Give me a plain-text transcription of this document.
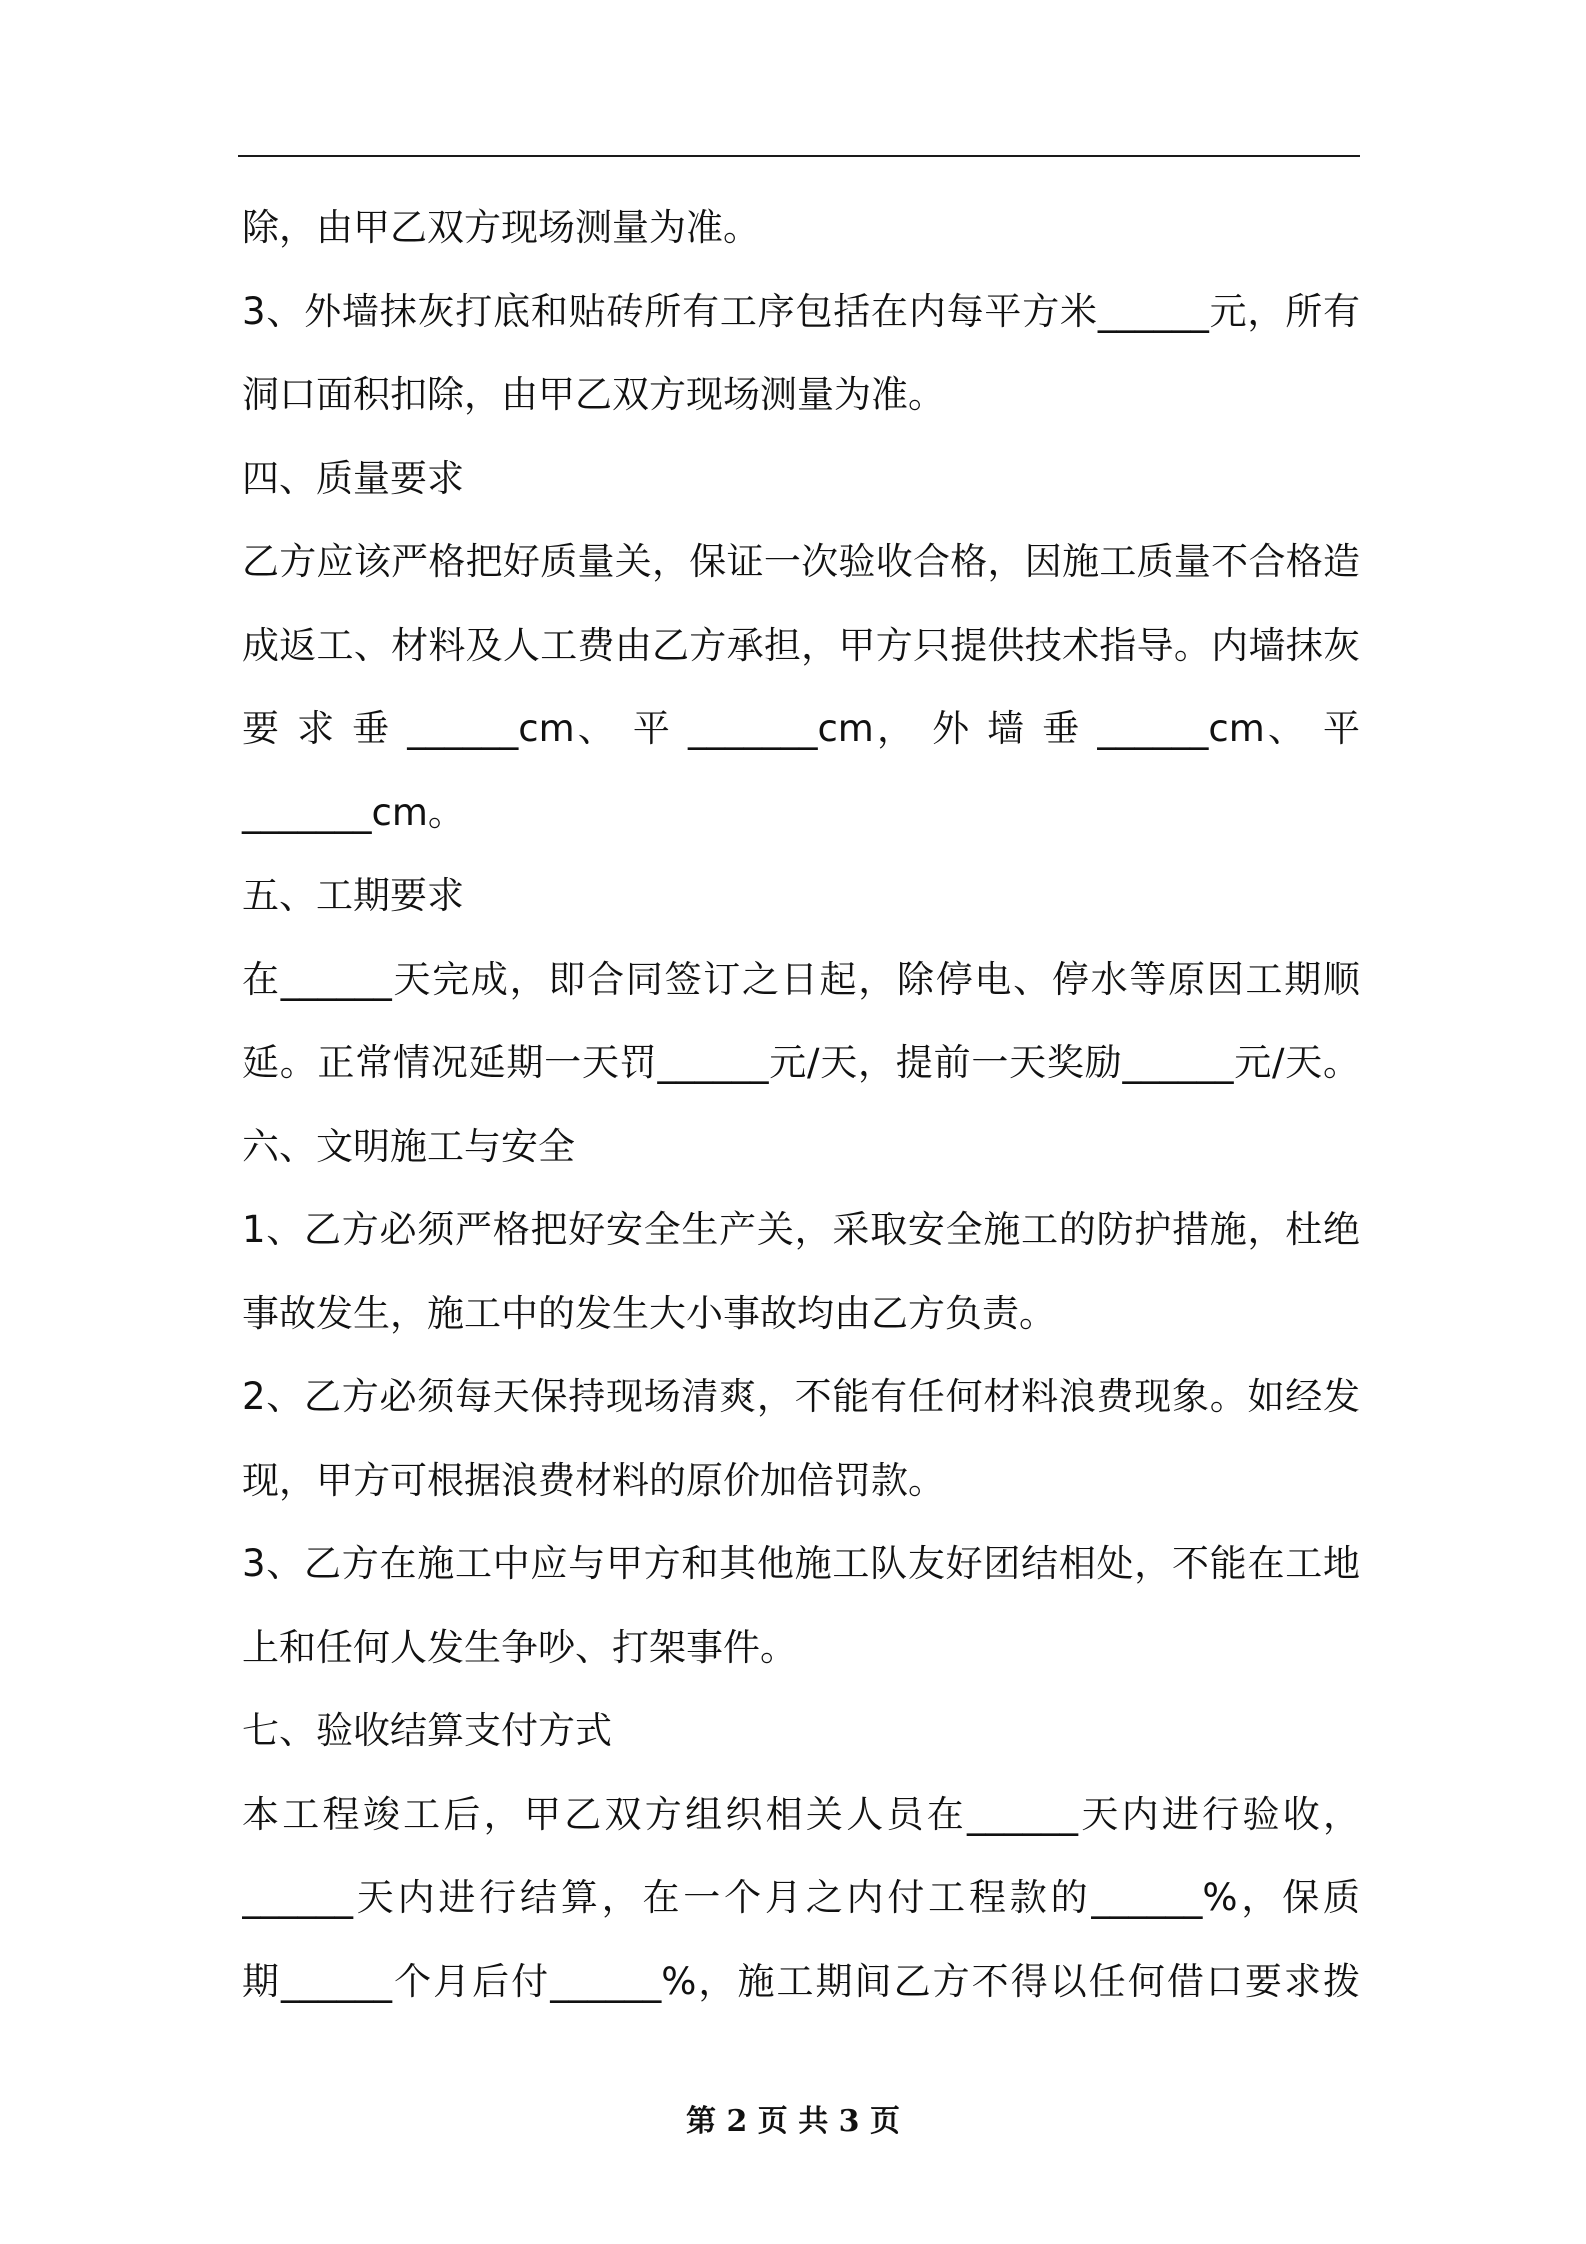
除，由甲乙双方现场测量为准。
3、外墙抹灰打底和贴砖所有工序包括在内每平方米______元，所有
洞口面积扣除，由甲乙双方现场测量为准。
四、质量要求
乙方应该严格把好质量关，保证一次验收合格，因施工质量不合格造
成返工、材料及人工费由乙方承担，甲方只提供技术指导。内墙抹灰
要 求 垂 ______cm、 平 _______cm， 外 墙 垂 ______cm、 平
_______cm。
五、工期要求
在______天完成，即合同签订之日起，除停电、停水等原因工期顺
延。正常情况延期一天罚______元/天，提前一天奖励______元/天。
六、文明施工与安全
1、乙方必须严格把好安全生产关，采取安全施工的防护措施，杜绝
事故发生，施工中的发生大小事故均由乙方负责。
2、乙方必须每天保持现场清爽，不能有任何材料浪费现象。如经发
现，甲方可根据浪费材料的原价加倍罚款。
3、乙方在施工中应与甲方和其他施工队友好团结相处，不能在工地
上和任何人发生争吵、打架事件。
七、验收结算支付方式
本工程竣工后，甲乙双方组织相关人员在______天内进行验收，
______天内进行结算，在一个月之内付工程款的______%，保质
期______个月后付______%，施工期间乙方不得以任何借口要求拨
第 2 页 共 3 页
